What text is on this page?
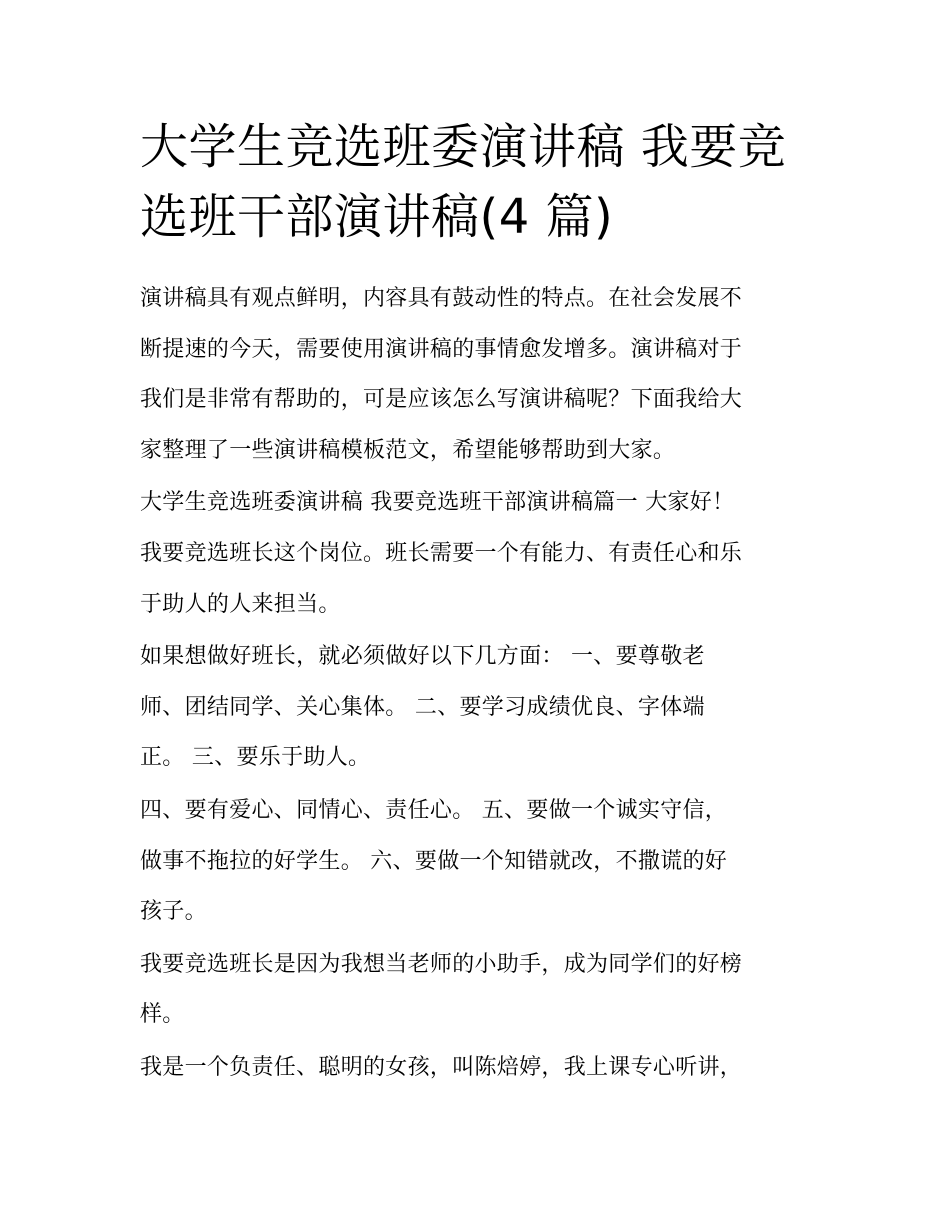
大学生竞选班委演讲稿 我要竞
选班干部演讲稿(4 篇)

演讲稿具有观点鲜明，内容具有鼓动性的特点。在社会发展不
断提速的今天，需要使用演讲稿的事情愈发增多。演讲稿对于
我们是非常有帮助的，可是应该怎么写演讲稿呢？下面我给大
家整理了一些演讲稿模板范文，希望能够帮助到大家。

大学生竞选班委演讲稿 我要竞选班干部演讲稿篇一 大家好！
我要竞选班长这个岗位。班长需要一个有能力、有责任心和乐
于助人的人来担当。

如果想做好班长，就必须做好以下几方面： 一、要尊敬老
师、团结同学、关心集体。 二、要学习成绩优良、字体端
正。 三、要乐于助人。

四、要有爱心、同情心、责任心。 五、要做一个诚实守信，
做事不拖拉的好学生。 六、要做一个知错就改，不撒谎的好
孩子。

我要竞选班长是因为我想当老师的小助手，成为同学们的好榜
样。

我是一个负责任、聪明的女孩，叫陈焙婷，我上课专心听讲，
